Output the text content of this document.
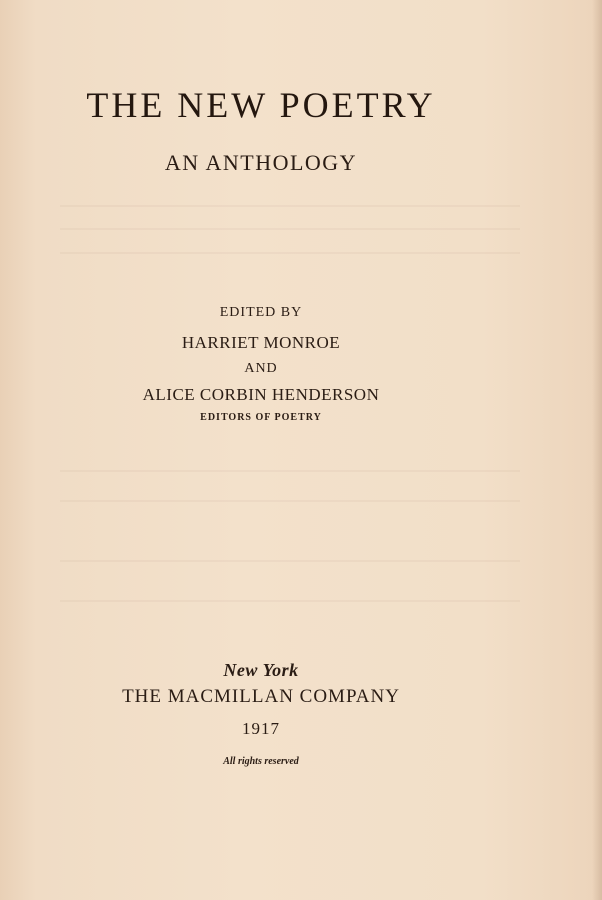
THE NEW POETRY
AN ANTHOLOGY
EDITED BY
HARRIET MONROE
AND
ALICE CORBIN HENDERSON
EDITORS OF POETRY
New York
THE MACMILLAN COMPANY
1917
All rights reserved
